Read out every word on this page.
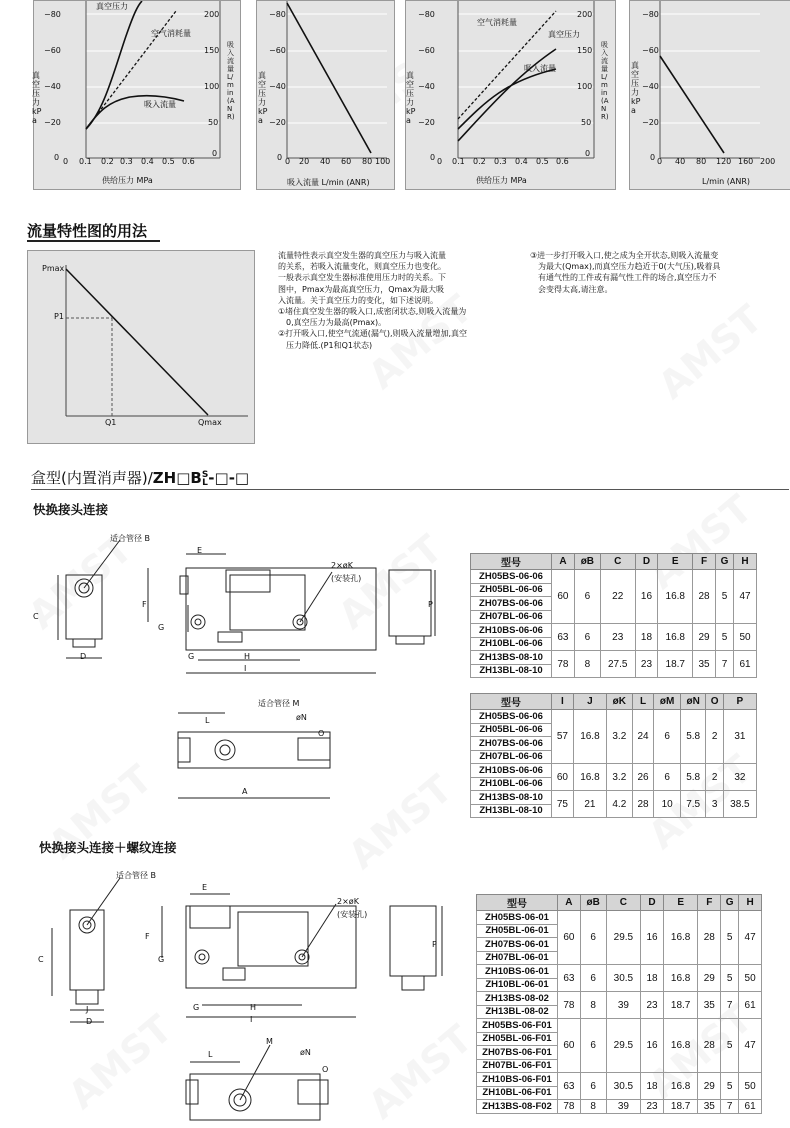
−80
−60
−40
−20
0
200
150
100
50
0
真空压力 kPa
吸入流量 L/min (ANR)
0 0.1 0.2 0.3 0.4 0.5 0.6
供给压力 MPa
真空压力
空气消耗量
吸入流量
−80
−60
−40
−20
0
真空压力 kPa
0 20 40 60 80 100
吸入流量 L/min (ANR)
−80
−60
−40
−20
0
200
150
100
50
0
真空压力 kPa
吸入流量 L/min (ANR)
0 0.1 0.2 0.3 0.4 0.5 0.6
供给压力 MPa
空气消耗量
真空压力
吸入流量	真空压力 kPa
−80
−60
−40
−20
0 0 40 80 120 160 200
L/min (ANR)
流量特性图的用法
Pmax
P1
Q1	Qmax
流量特性表示真空发生器的真空压力与吸入流量
的关系，若吸入流量变化，则真空压力也变化。
一般表示真空发生器标准使用压力时的关系。下
图中，Pmax为最高真空压力，Qmax为最大吸
入流量。关于真空压力的变化，如下述说明。
①堵住真空发生器的吸入口,成密闭状态,则吸入流量为
　0,真空压力为最高(Pmax)。
②打开吸入口,使空气流通(漏气),则吸入流量增加,真空
　压力降低.(P1和Q1状态)
③进一步打开吸入口,使之成为全开状态,则吸入流量变
　为最大(Qmax),而真空压力趋近于0(大气压),吸着具
　有通气性的工件或有漏气性工件的场合,真空压力不
　会变得太高,请注意。
盒型(内置消声器)/ZH□B S
L -□-□
快换接头连接
适合管径 B
E
F
G
C
D	G	H
I
2×øK
(安装孔)
P
适合管径 M
L	øN
O
A
型号	A	øB	C	D	E	F	G	H
ZH05BS-06-06	60	6	22	16	16.8	28	5	47
ZH05BL-06-06								
ZH07BS-06-06								
ZH07BL-06-06								
ZH10BS-06-06	63	6	23	18	16.8	29	5	50
ZH10BL-06-06								
ZH13BS-08-10	78	8	27.5	23	18.7	35	7	61
ZH13BL-08-10								
型号	I	J	øK	L	øM	øN	O	P
ZH05BS-06-06	57	16.8	3.2	24	6	5.8	2	31
ZH05BL-06-06								
ZH07BS-06-06								
ZH07BL-06-06								
ZH10BS-06-06	60	16.8	3.2	26	6	5.8	2	32
ZH10BL-06-06								
ZH13BS-08-10	75	21	4.2	28	10	7.5	3	38.5
ZH13BL-08-10								
快换接头连接＋螺纹连接
适合管径 B
E
F
G
C
J
D
G	H
I
2×øK
(安装孔)
P
M
L	øN
O
型号	A	øB	C	D	E	F	G	H
ZH05BS-06-01	60	6	29.5	16	16.8	28	5	47
ZH05BL-06-01								
ZH07BS-06-01								
ZH07BL-06-01								
ZH10BS-06-01	63	6	30.5	18	16.8	29	5	50
ZH10BL-06-01								
ZH13BS-08-02	78	8	39	23	18.7	35	7	61
ZH13BL-08-02								
ZH05BS-06-F01	60	6	29.5	16	16.8	28	5	47
ZH05BL-06-F01								
ZH07BS-06-F01								
ZH07BL-06-F01								
ZH10BS-06-F01	63	6	30.5	18	16.8	29	5	50
ZH10BL-06-F01								
ZH13BS-08-F02	78	8	39	23	18.7	35	7	61
